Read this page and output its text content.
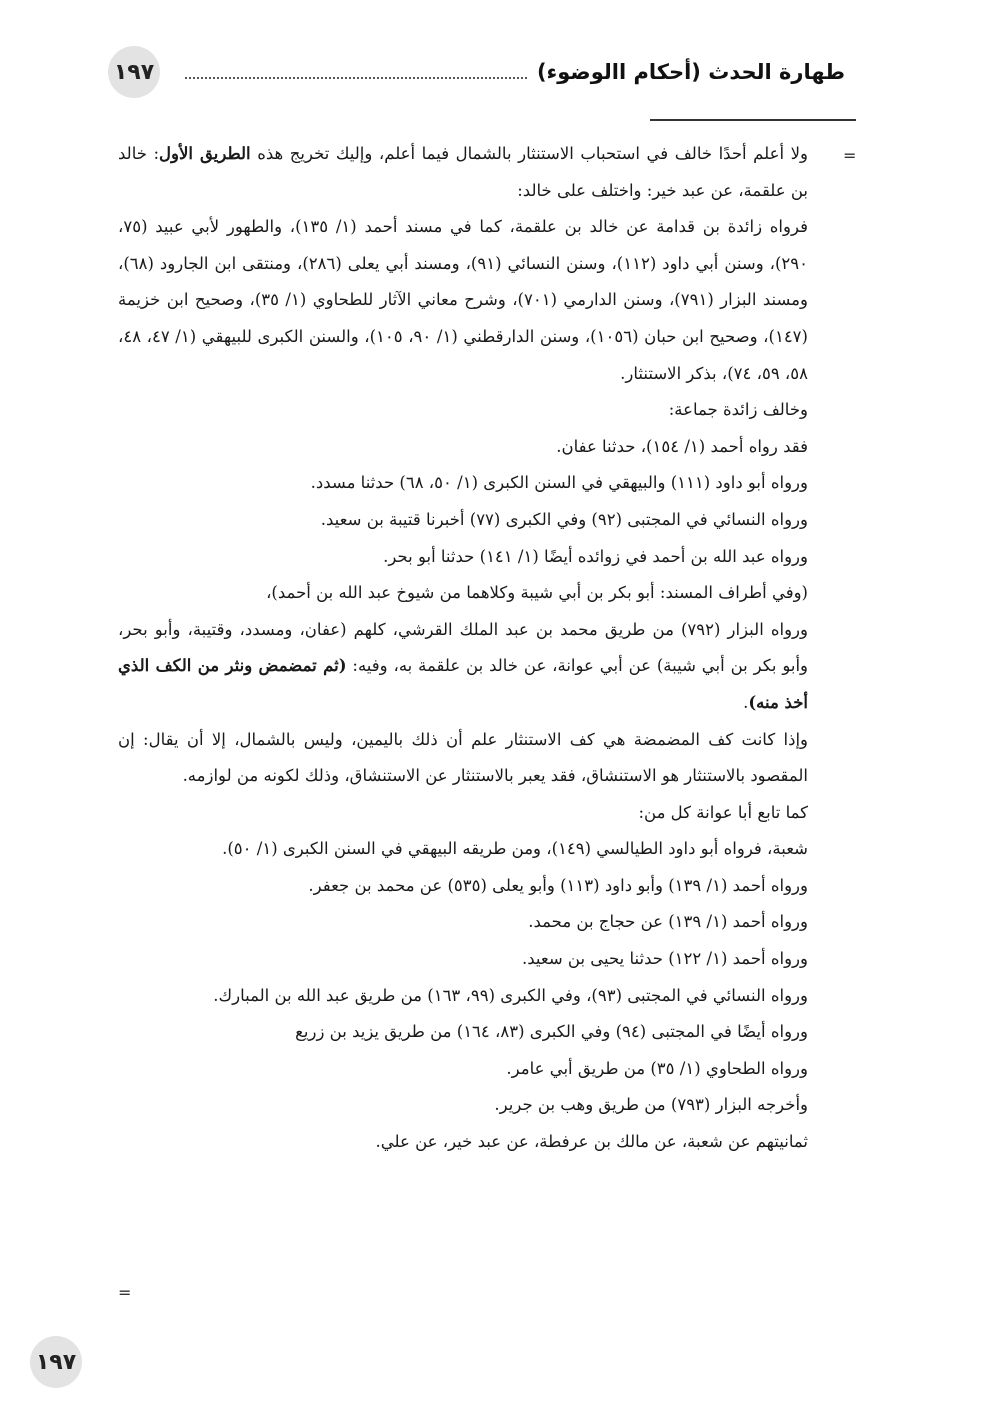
١٩٧	طهارة الحدث (أحكام االوضوء)
=
=

ولا أعلم أحدًا خالف في استحباب الاستنثار بالشمال فيما أعلم، وإليك تخريج هذه الطريق الأول: خالد بن علقمة، عن عبد خير: واختلف على خالد:

فرواه زائدة بن قدامة عن خالد بن علقمة، كما في مسند أحمد (١/ ١٣٥)، والطهور لأبي عبيد (٧٥، ٢٩٠)، وسنن أبي داود (١١٢)، وسنن النسائي (٩١)، ومسند أبي يعلى (٢٨٦)، ومنتقى ابن الجارود (٦٨)، ومسند البزار (٧٩١)، وسنن الدارمي (٧٠١)، وشرح معاني الآثار للطحاوي (١/ ٣٥)، وصحيح ابن خزيمة (١٤٧)، وصحيح ابن حبان (١٠٥٦)، وسنن الدارقطني (١/ ٩٠، ١٠٥)، والسنن الكبرى للبيهقي (١/ ٤٧، ٤٨، ٥٨، ٥٩، ٧٤)، بذكر الاستنثار.

وخالف زائدة جماعة:

فقد رواه أحمد (١/ ١٥٤)، حدثنا عفان.

ورواه أبو داود (١١١) والبيهقي في السنن الكبرى (١/ ٥٠، ٦٨) حدثنا مسدد.

ورواه النسائي في المجتبى (٩٢) وفي الكبرى (٧٧) أخبرنا قتيبة بن سعيد.

ورواه عبد الله بن أحمد في زوائده أيضًا (١/ ١٤١) حدثنا أبو بحر.

(وفي أطراف المسند: أبو بكر بن أبي شيبة وكلاهما من شيوخ عبد الله بن أحمد)،

ورواه البزار (٧٩٢) من طريق محمد بن عبد الملك القرشي، كلهم (عفان، ومسدد، وقتيبة، وأبو بحر، وأبو بكر بن أبي شيبة) عن أبي عوانة، عن خالد بن علقمة به، وفيه: (ثم تمضمض ونثر من الكف الذي أخذ منه).

وإذا كانت كف المضمضة هي كف الاستنثار علم أن ذلك باليمين، وليس بالشمال، إلا أن يقال: إن المقصود بالاستنثار هو الاستنشاق، فقد يعبر بالاستنثار عن الاستنشاق، وذلك لكونه من لوازمه.

كما تابع أبا عوانة كل من:

شعبة، فرواه أبو داود الطيالسي (١٤٩)، ومن طريقه البيهقي في السنن الكبرى (١/ ٥٠).

ورواه أحمد (١/ ١٣٩) وأبو داود (١١٣) وأبو يعلى (٥٣٥) عن محمد بن جعفر.

ورواه أحمد (١/ ١٣٩) عن حجاج بن محمد.

ورواه أحمد (١/ ١٢٢) حدثنا يحيى بن سعيد.

ورواه النسائي في المجتبى (٩٣)، وفي الكبرى (٩٩، ١٦٣) من طريق عبد الله بن المبارك.

ورواه أيضًا في المجتبى (٩٤) وفي الكبرى (٨٣، ١٦٤) من طريق يزيد بن زريع

ورواه الطحاوي (١/ ٣٥) من طريق أبي عامر.

وأخرجه البزار (٧٩٣) من طريق وهب بن جرير.

ثمانيتهم عن شعبة، عن مالك بن عرفطة، عن عبد خير، عن علي.

١٩٧
